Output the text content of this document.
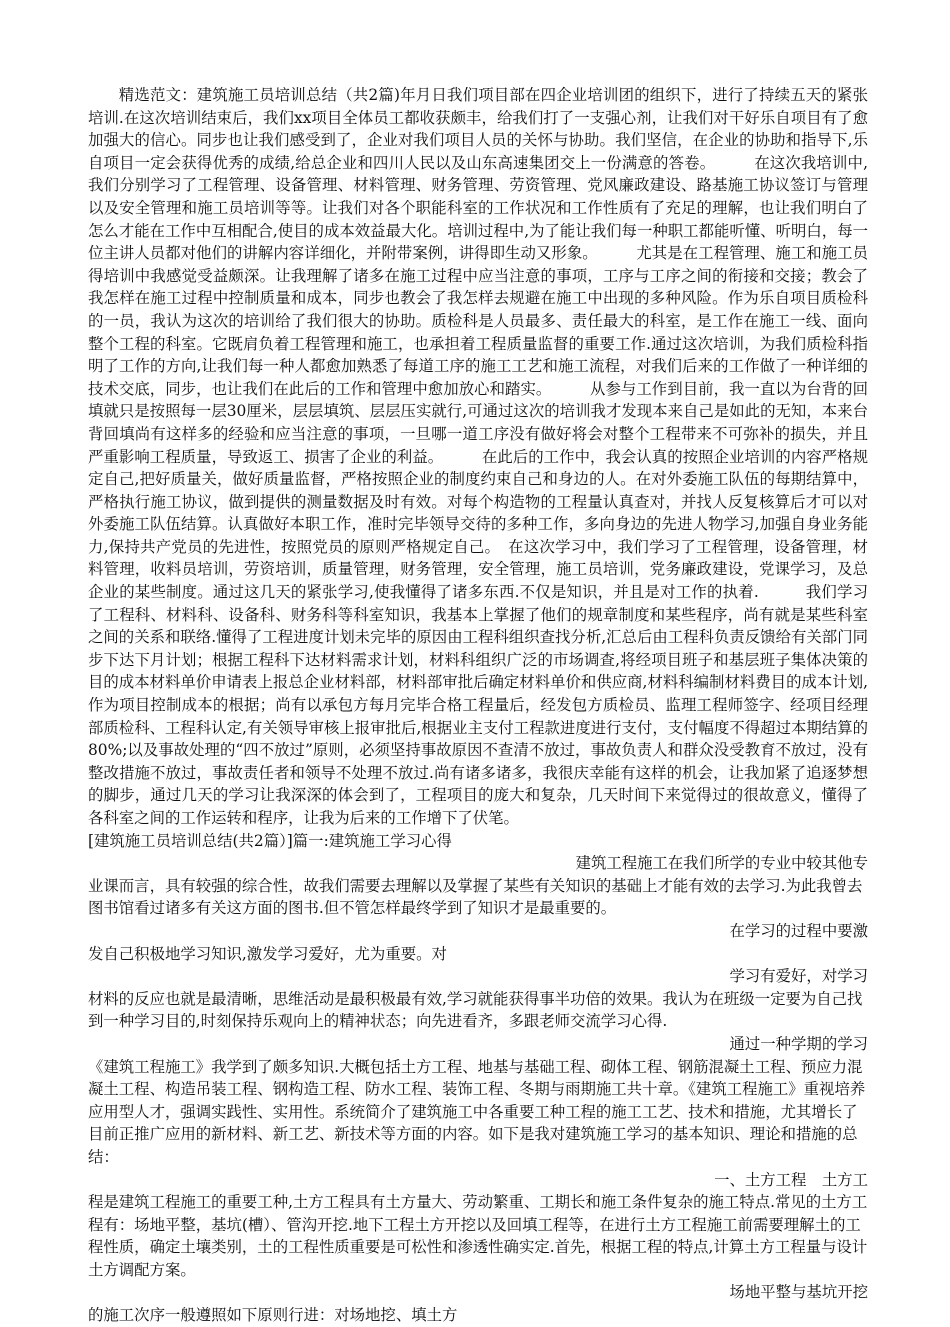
精选范文：建筑施工员培训总结（共2篇)年月日我们项目部在四企业培训团的组织下，进行了持续五天的紧张培训.在这次培训结束后，我们xx项目全体员工都收获颇丰，给我们打了一支强心剂，让我们对干好乐自项目有了愈加强大的信心。同步也让我们感受到了，企业对我们项目人员的关怀与协助。我们坚信，在企业的协助和指导下,乐自项目一定会获得优秀的成绩,给总企业和四川人民以及山东高速集团交上一份满意的答卷。　　　在这次我培训中,我们分别学习了工程管理、设备管理、材料管理、财务管理、劳资管理、党风廉政建设、路基施工协议签订与管理以及安全管理和施工员培训等等。让我们对各个职能科室的工作状况和工作性质有了充足的理解，也让我们明白了怎么才能在工作中互相配合,使目的成本效益最大化。培训过程中,为了能让我们每一种职工都能听懂、听明白，每一位主讲人员都对他们的讲解内容详细化，并附带案例，讲得即生动又形象。　　　尤其是在工程管理、施工和施工员得培训中我感觉受益颇深。让我理解了诸多在施工过程中应当注意的事项，工序与工序之间的衔接和交接；教会了我怎样在施工过程中控制质量和成本，同步也教会了我怎样去规避在施工中出现的多种风险。作为乐自项目质检科的一员，我认为这次的培训给了我们很大的协助。质检科是人员最多、责任最大的科室，是工作在施工一线、面向整个工程的科室。它既肩负着工程管理和施工，也承担着工程质量监督的重要工作.通过这次培训，为我们质检科指明了工作的方向,让我们每一种人都愈加熟悉了每道工序的施工工艺和施工流程，对我们后来的工作做了一种详细的技术交底，同步，也让我们在此后的工作和管理中愈加放心和踏实。　　　从参与工作到目前，我一直以为台背的回填就只是按照每一层30厘米，层层填筑、层层压实就行,可通过这次的培训我才发现本来自己是如此的无知，本来台背回填尚有这样多的经验和应当注意的事项，一旦哪一道工序没有做好将会对整个工程带来不可弥补的损失，并且严重影响工程质量，导致返工、损害了企业的利益。　　　在此后的工作中，我会认真的按照企业培训的内容严格规定自己,把好质量关，做好质量监督，严格按照企业的制度约束自己和身边的人。在对外委施工队伍的每期结算中，严格执行施工协议，做到提供的测量数据及时有效。对每个构造物的工程量认真查对，并找人反复核算后才可以对外委施工队伍结算。认真做好本职工作，准时完毕领导交待的多种工作，多向身边的先进人物学习,加强自身业务能力,保持共产党员的先进性，按照党员的原则严格规定自己。　在这次学习中，我们学习了工程管理，设备管理，材料管理，收料员培训，劳资培训，质量管理，财务管理，安全管理，施工员培训，党务廉政建设，党课学习，及总企业的某些制度。通过这几天的紧张学习,使我懂得了诸多东西.不仅是知识，并且是对工作的执着.　　　我们学习了工程科、材料科、设备科、财务科等科室知识，我基本上掌握了他们的规章制度和某些程序，尚有就是某些科室之间的关系和联络.懂得了工程进度计划未完毕的原因由工程科组织查找分析,汇总后由工程科负责反馈给有关部门同步下达下月计划；根据工程科下达材料需求计划，材料科组织广泛的市场调查,将经项目班子和基层班子集体决策的目的成本材料单价申请表上报总企业材料部，材料部审批后确定材料单价和供应商,材料科编制材料费目的成本计划,作为项目控制成本的根据；尚有以承包方每月完毕合格工程量后，经发包方质检员、监理工程师签字、经项目经理部质检科、工程科认定,有关领导审核上报审批后,根据业主支付工程款进度进行支付，支付幅度不得超过本期结算的80%;以及事故处理的“四不放过”原则，必须坚持事故原因不查清不放过，事故负责人和群众没受教育不放过，没有整改措施不放过，事故责任者和领导不处理不放过.尚有诸多诸多，我很庆幸能有这样的机会，让我加紧了追逐梦想的脚步，通过几天的学习让我深深的体会到了，工程项目的庞大和复杂，几天时间下来觉得过的很故意义，懂得了各科室之间的工作运转和程序，让我为后来的工作增下了伏笔。

[建筑施工员培训总结(共2篇）]篇一:建筑施工学习心得

建筑工程施工在我们所学的专业中较其他专

业课而言，具有较强的综合性，故我们需要去理解以及掌握了某些有关知识的基础上才能有效的去学习.为此我曾去图书馆看过诸多有关这方面的图书.但不管怎样最终学到了知识才是最重要的。

在学习的过程中要激

发自己积极地学习知识,激发学习爱好，尤为重要。对

学习有爱好，对学习

材料的反应也就是最清晰，思维活动是最积极最有效,学习就能获得事半功倍的效果。我认为在班级一定要为自己找到一种学习目的,时刻保持乐观向上的精神状态；向先进看齐，多跟老师交流学习心得.

通过一种学期的学习

《建筑工程施工》我学到了颇多知识.大概包括土方工程、地基与基础工程、砌体工程、钢筋混凝土工程、预应力混凝土工程、构造吊装工程、钢构造工程、防水工程、装饰工程、冬期与雨期施工共十章。《建筑工程施工》重视培养应用型人才，强调实践性、实用性。系统简介了建筑施工中各重要工种工程的施工工艺、技术和措施，尤其增长了目前正推广应用的新材料、新工艺、新技术等方面的内容。如下是我对建筑施工学习的基本知识、理论和措施的总结：

一、土方工程　土方工

程是建筑工程施工的重要工种,土方工程具有土方量大、劳动繁重、工期长和施工条件复杂的施工特点.常见的土方工程有：场地平整，基坑(槽）、管沟开挖.地下工程土方开挖以及回填工程等，在进行土方工程施工前需要理解土的工程性质，确定土壤类别，土的工程性质重要是可松性和渗透性确实定.首先，根据工程的特点,计算土方工程量与设计土方调配方案。

场地平整与基坑开挖

的施工次序一般遵照如下原则行进：对场地挖、填土方
